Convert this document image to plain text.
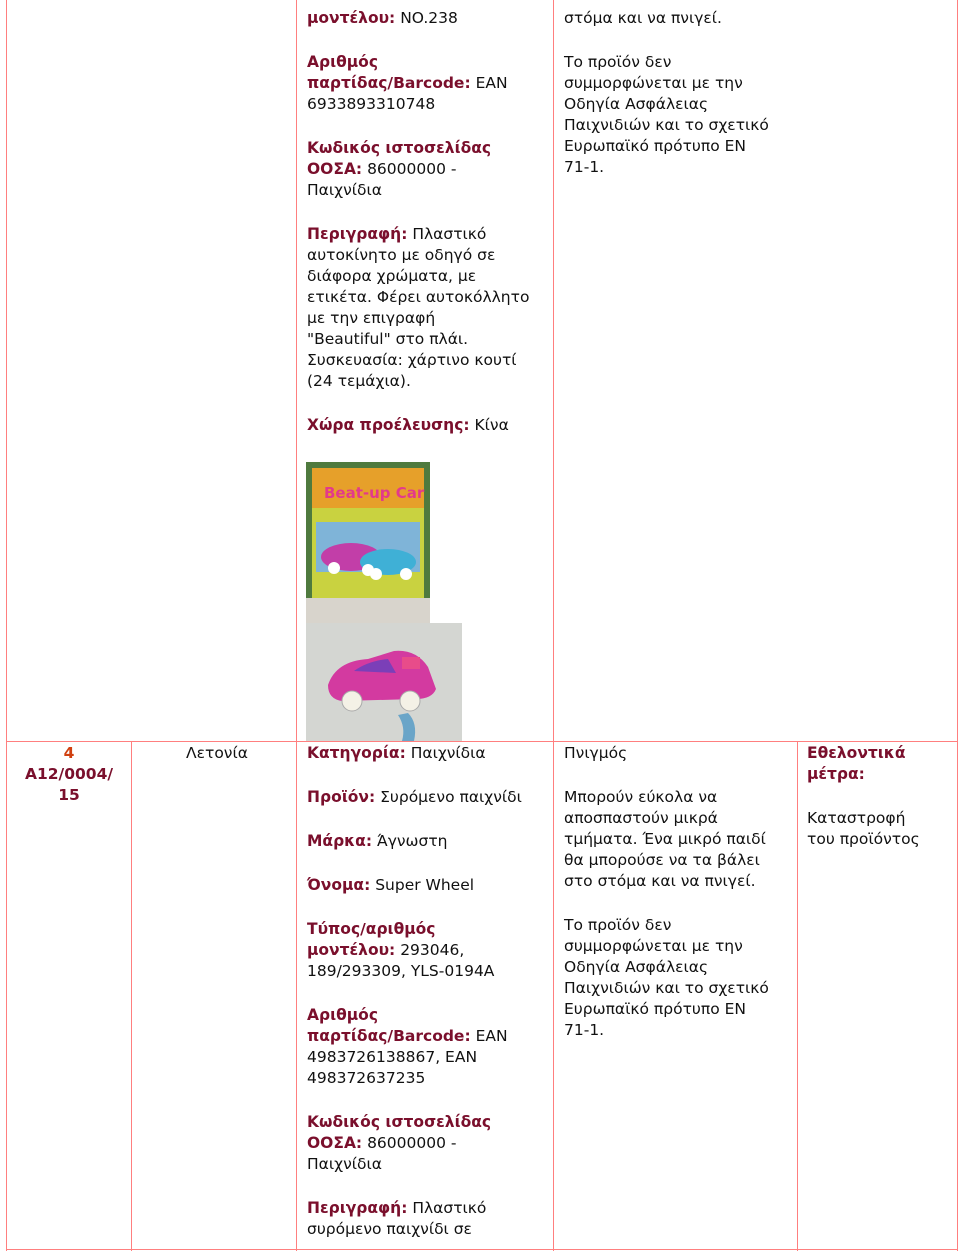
μοντέλου: NO.238

Αριθμός

παρτίδας/Barcode: EAN

6933893310748

Κωδικός ιστοσελίδας

ΟΟΣΑ: 86000000 -

Παιχνίδια

Περιγραφή: Πλαστικό

αυτοκίνητο με οδηγό σε

διάφορα χρώματα, με

ετικέτα. Φέρει αυτοκόλλητο

με την επιγραφή

"Beautiful" στο πλάι.

Συσκευασία: χάρτινο κουτί

(24 τεμάχια).

Χώρα προέλευσης: Κίνα

Beat-up Car

στόμα και να πνιγεί.

Το προϊόν δεν

συμμορφώνεται με την

Οδηγία Ασφάλειας

Παιχνιδιών και το σχετικό

Ευρωπαϊκό πρότυπο EN

71-1.

4

A12/0004/

15

Λετονία	Κατηγορία: Παιχνίδια

Προϊόν: Συρόμενο παιχνίδι

Μάρκα: Άγνωστη

Όνομα: Super Wheel

Τύπος/αριθμός

μοντέλου: 293046,

189/293309, YLS-0194A

Αριθμός

παρτίδας/Barcode: EAN

4983726138867, EAN

498372637235

Κωδικός ιστοσελίδας

ΟΟΣΑ: 86000000 -

Παιχνίδια

Περιγραφή: Πλαστικό

συρόμενο παιχνίδι σε

Πνιγμός

Μπορούν εύκολα να

αποσπαστούν μικρά

τμήματα. Ένα μικρό παιδί

θα μπορούσε να τα βάλει

στο στόμα και να πνιγεί.

Το προϊόν δεν

συμμορφώνεται με την

Οδηγία Ασφάλειας

Παιχνιδιών και το σχετικό

Ευρωπαϊκό πρότυπο EN

71-1.

Εθελοντικά

μέτρα:

Καταστροφή

του προϊόντος
